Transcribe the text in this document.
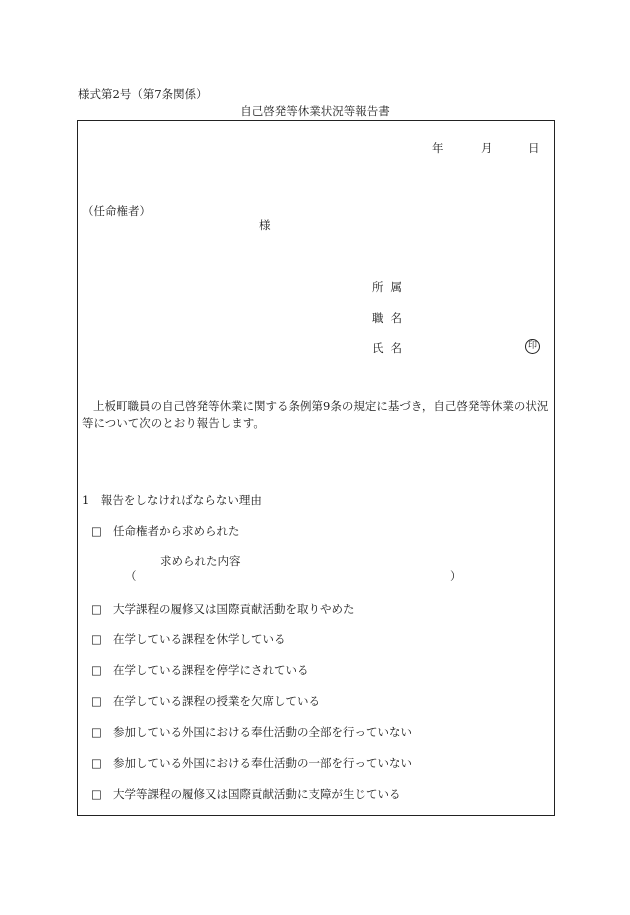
様式第2号（第7条関係）
自己啓発等休業状況等報告書
年	月	日
（任命権者）
様
所属
職名
氏名	印
上板町職員の自己啓発等休業に関する条例第9条の規定に基づき，自己啓発等休業の状況等について次のとおり報告します。
1　報告をしなければならない理由
□ 任命権者から求められた
求められた内容
（	）
□ 大学課程の履修又は国際貢献活動を取りやめた
□ 在学している課程を休学している
□ 在学している課程を停学にされている
□ 在学している課程の授業を欠席している
□ 参加している外国における奉仕活動の全部を行っていない
□ 参加している外国における奉仕活動の一部を行っていない
□ 大学等課程の履修又は国際貢献活動に支障が生じている
